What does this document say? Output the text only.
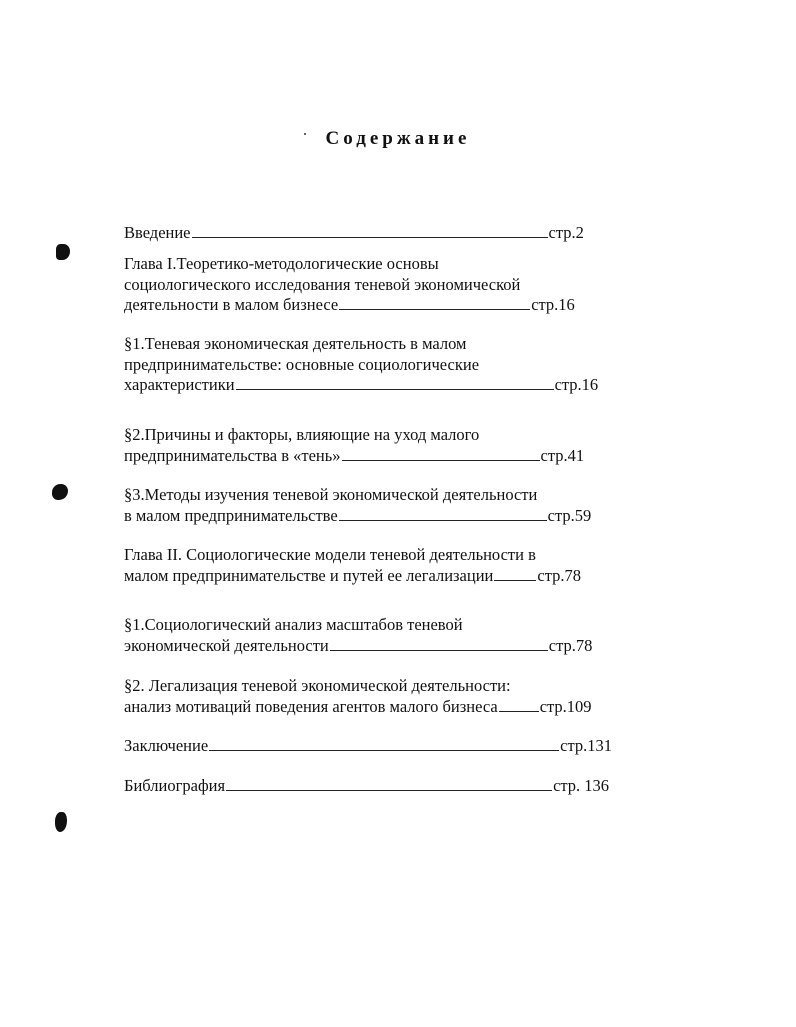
Содержание
Введение	стр.2
Глава I.Теоретико-методологические основы
социологического исследования теневой экономической
деятельности в малом бизнесе	стр.16
§1.Теневая экономическая деятельность в малом
предпринимательстве: основные социологические
характеристики	стр.16
§2.Причины и факторы, влияющие на уход малого
предпринимательства в «тень»	стр.41
§3.Методы изучения теневой экономической деятельности
в малом предпринимательстве	стр.59
Глава II. Социологические модели теневой деятельности в
малом предпринимательстве и путей ее легализации	стр.78
§1.Социологический анализ масштабов теневой
экономической деятельности	стр.78
§2. Легализация теневой экономической деятельности:
анализ мотиваций поведения агентов малого бизнеса	стр.109
Заключение	стр.131
Библиография	стр. 136
